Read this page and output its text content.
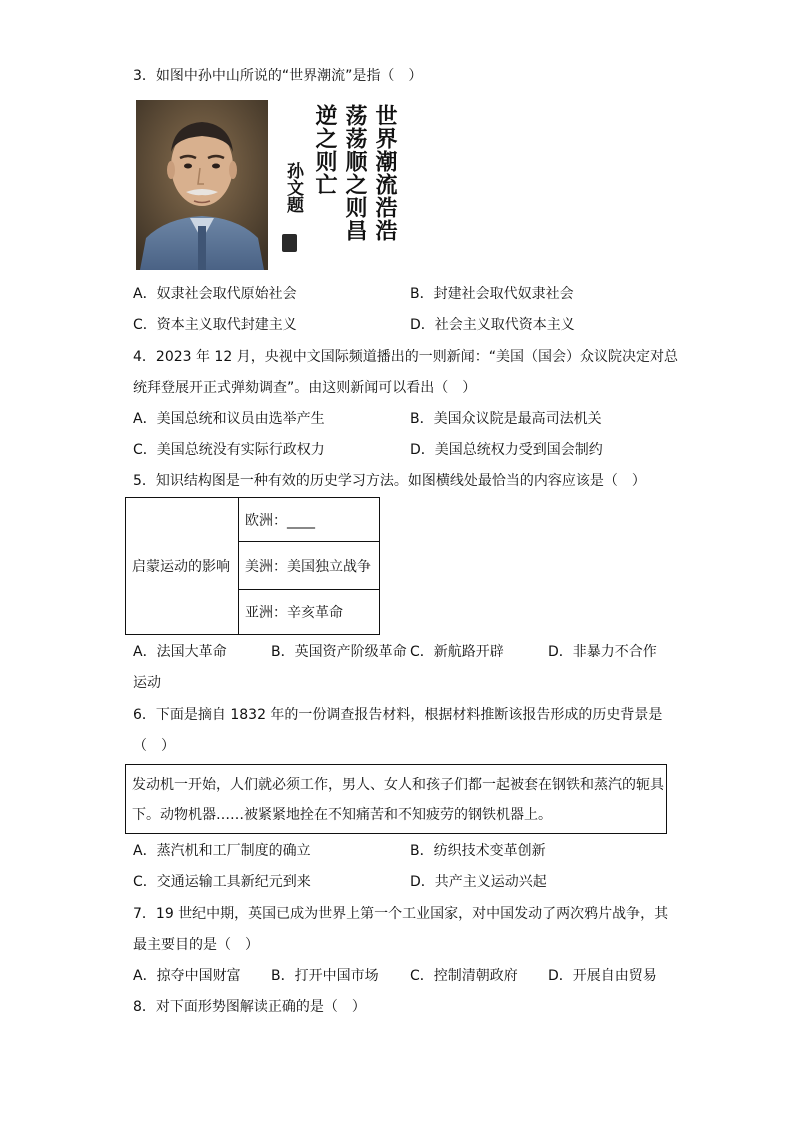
3．如图中孙中山所说的“世界潮流”是指（　）
世界潮流浩浩
荡荡顺之则昌
逆之则亡
孙文题
A．奴隶社会取代原始社会	B．封建社会取代奴隶社会
C．资本主义取代封建主义	D．社会主义取代资本主义
4．2023 年 12 月，央视中文国际频道播出的一则新闻：“美国（国会）众议院决定对总
统拜登展开正式弹劾调查”。由这则新闻可以看出（　）
A．美国总统和议员由选举产生	B．美国众议院是最高司法机关
C．美国总统没有实际行政权力	D．美国总统权力受到国会制约
5．知识结构图是一种有效的历史学习方法。如图横线处最恰当的内容应该是（　）
启蒙运动的影响	欧洲：____
美洲：美国独立战争
亚洲：辛亥革命
A．法国大革命	B．英国资产阶级革命 C．新航路开辟	D．非暴力不合作
运动
6．下面是摘自 1832 年的一份调查报告材料，根据材料推断该报告形成的历史背景是
（　）
发动机一开始，人们就必须工作，男人、女人和孩子们都一起被套在钢铁和蒸汽的轭具
下。动物机器……被紧紧地拴在不知痛苦和不知疲劳的钢铁机器上。
A．蒸汽机和工厂制度的确立	B．纺织技术变革创新
C．交通运输工具新纪元到来	D．共产主义运动兴起
7．19 世纪中期，英国已成为世界上第一个工业国家，对中国发动了两次鸦片战争，其
最主要目的是（　）
A．掠夺中国财富 B．打开中国市场 C．控制清朝政府 D．开展自由贸易
8．对下面形势图解读正确的是（　）
